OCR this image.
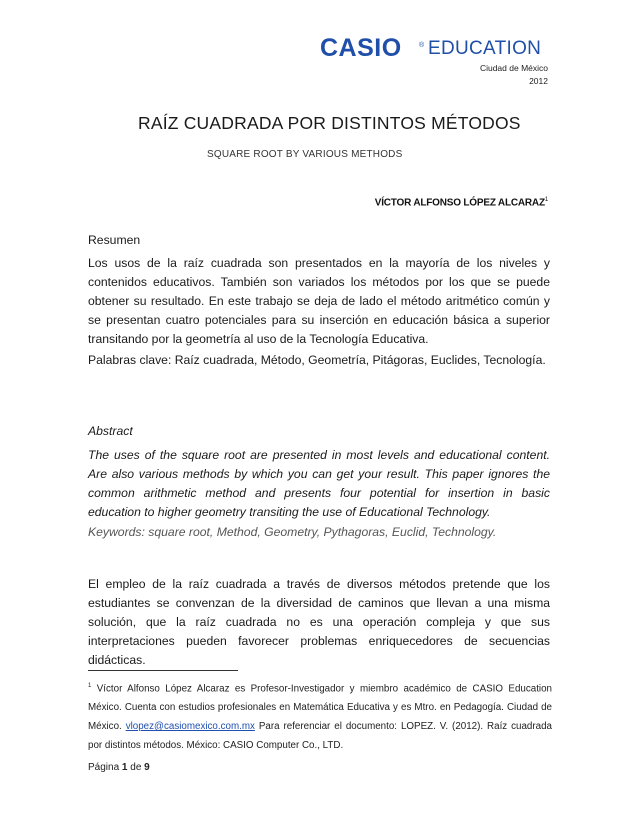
CASIO ® EDUCATION
Ciudad de México
2012
RAÍZ CUADRADA POR DISTINTOS MÉTODOS
SQUARE ROOT BY VARIOUS METHODS
VÍCTOR ALFONSO LÓPEZ ALCARAZ$^1$
Resumen
Los usos de la raíz cuadrada son presentados en la mayoría de los niveles y contenidos educativos. También son variados los métodos por los que se puede obtener su resultado. En este trabajo se deja de lado el método aritmético común y se presentan cuatro potenciales para su inserción en educación básica a superior transitando por la geometría al uso de la Tecnología Educativa.
Palabras clave: Raíz cuadrada, Método, Geometría, Pitágoras, Euclides, Tecnología.
Abstract
The uses of the square root are presented in most levels and educational content. Are also various methods by which you can get your result. This paper ignores the common arithmetic method and presents four potential for insertion in basic education to higher geometry transiting the use of Educational Technology.
Keywords: square root, Method, Geometry, Pythagoras, Euclid, Technology.
El empleo de la raíz cuadrada a través de diversos métodos pretende que los estudiantes se convenzan de la diversidad de caminos que llevan a una misma solución, que la raíz cuadrada no es una operación compleja y que sus interpretaciones pueden favorecer problemas enriquecedores de secuencias didácticas.
$^1$ Víctor Alfonso López Alcaraz es Profesor-Investigador y miembro académico de CASIO Education México. Cuenta con estudios profesionales en Matemática Educativa y es Mtro. en Pedagogía. Ciudad de México. vlopez@casiomexico.com.mx Para referenciar el documento: LOPEZ. V. (2012). Raíz cuadrada por distintos métodos. México: CASIO Computer Co., LTD.
Página 1 de 9
